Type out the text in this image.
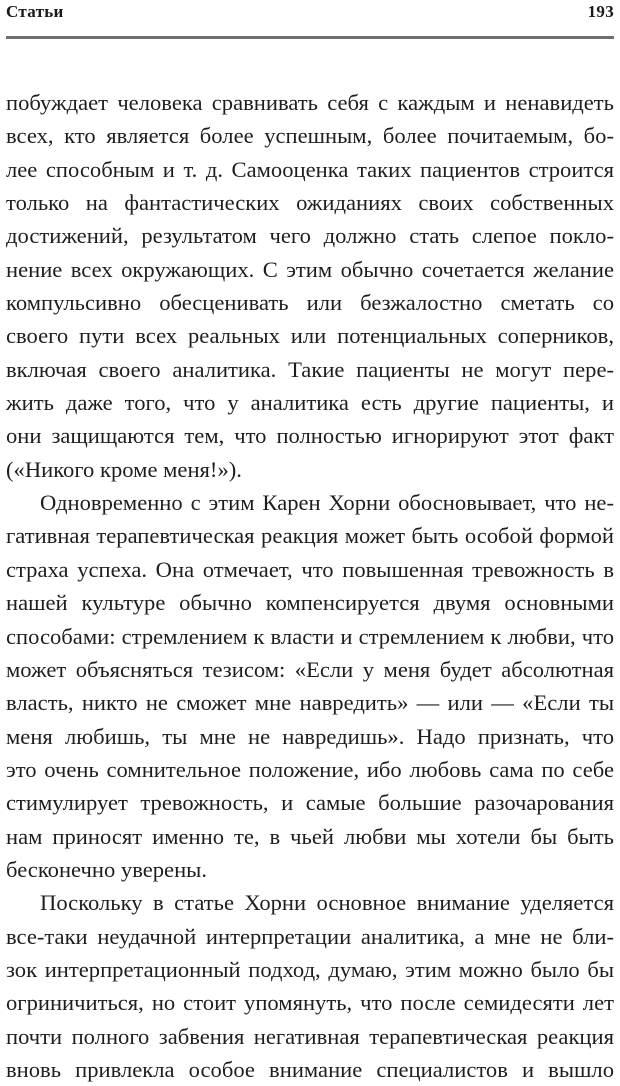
Статьи	193
побуждает человека сравнивать себя с каждым и ненавидеть
всех, кто является более успешным, более почитаемым, бо-
лее способным и т. д. Самооценка таких пациентов строится
только на фантастических ожиданиях своих собственных
достижений, результатом чего должно стать слепое покло-
нение всех окружающих. С этим обычно сочетается желание
компульсивно обесценивать или безжалостно сметать со
своего пути всех реальных или потенциальных соперников,
включая своего аналитика. Такие пациенты не могут пере-
жить даже того, что у аналитика есть другие пациенты, и
они защищаются тем, что полностью игнорируют этот факт
(«Никого кроме меня!»).
Одновременно с этим Карен Хорни обосновывает, что не-
гативная терапевтическая реакция может быть особой формой
страха успеха. Она отмечает, что повышенная тревожность в
нашей культуре обычно компенсируется двумя основными
способами: стремлением к власти и стремлением к любви, что
может объясняться тезисом: «Если у меня будет абсолютная
власть, никто не сможет мне навредить» — или — «Если ты
меня любишь, ты мне не навредишь». Надо признать, что
это очень сомнительное положение, ибо любовь сама по себе
стимулирует тревожность, и самые большие разочарования
нам приносят именно те, в чьей любви мы хотели бы быть
бесконечно уверены.
Поскольку в статье Хорни основное внимание уделяется
все-таки неудачной интерпретации аналитика, а мне не бли-
зок интерпретационный подход, думаю, этим можно было бы
огриничиться, но стоит упомянуть, что после семидесяти лет
почти полного забвения негативная терапевтическая реакция
вновь привлекла особое внимание специалистов и вышло
